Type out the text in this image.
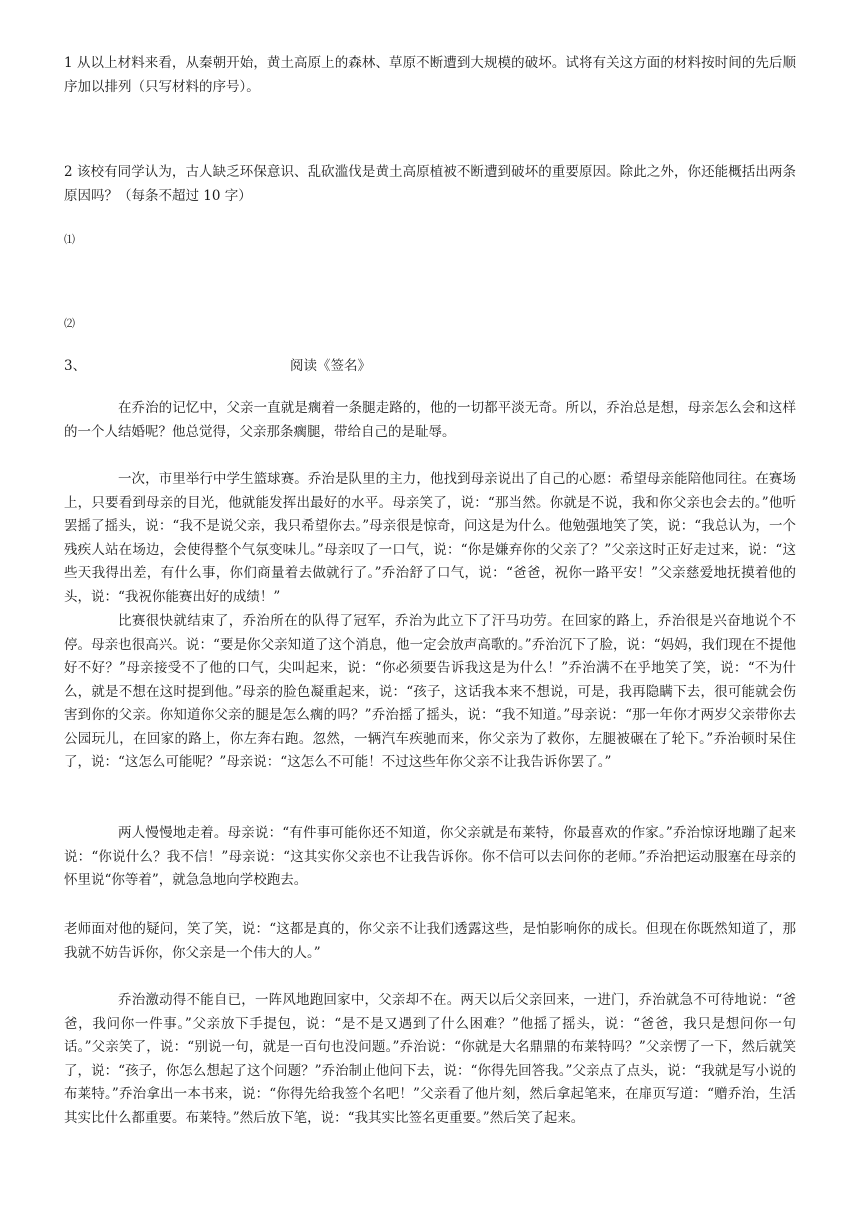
1 从以上材料来看，从秦朝开始，黄土高原上的森林、草原不断遭到大规模的破坏。试将有关这方面的材料按时间的先后顺序加以排列（只写材料的序号）。

2 该校有同学认为，古人缺乏环保意识、乱砍滥伐是黄土高原植被不断遭到破坏的重要原因。除此之外，你还能概括出两条原因吗？（每条不超过 10 字）

⑴
⑵
3、	阅读《签名》

在乔治的记忆中，父亲一直就是瘸着一条腿走路的，他的一切都平淡无奇。所以，乔治总是想，母亲怎么会和这样的一个人结婚呢？他总觉得，父亲那条瘸腿，带给自己的是耻辱。

一次，市里举行中学生篮球赛。乔治是队里的主力，他找到母亲说出了自己的心愿：希望母亲能陪他同往。在赛场上，只要看到母亲的目光，他就能发挥出最好的水平。母亲笑了，说：“那当然。你就是不说，我和你父亲也会去的。”他听罢摇了摇头，说：“我不是说父亲，我只希望你去。”母亲很是惊奇，问这是为什么。他勉强地笑了笑，说：“我总认为，一个残疾人站在场边，会使得整个气氛变味儿。”母亲叹了一口气，说：“你是嫌弃你的父亲了？”父亲这时正好走过来，说：“这些天我得出差，有什么事，你们商量着去做就行了。”乔治舒了口气，说：“爸爸，祝你一路平安！”父亲慈爱地抚摸着他的头，说：“我祝你能赛出好的成绩！”

比赛很快就结束了，乔治所在的队得了冠军，乔治为此立下了汗马功劳。在回家的路上，乔治很是兴奋地说个不停。母亲也很高兴。说：“要是你父亲知道了这个消息，他一定会放声高歌的。”乔治沉下了脸，说：“妈妈，我们现在不提他好不好？”母亲接受不了他的口气，尖叫起来，说：“你必须要告诉我这是为什么！”乔治满不在乎地笑了笑，说：“不为什么，就是不想在这时提到他。”母亲的脸色凝重起来，说：“孩子，这话我本来不想说，可是，我再隐瞒下去，很可能就会伤害到你的父亲。你知道你父亲的腿是怎么瘸的吗？”乔治摇了摇头，说：“我不知道。”母亲说：“那一年你才两岁父亲带你去公园玩儿，在回家的路上，你左奔右跑。忽然，一辆汽车疾驰而来，你父亲为了救你，左腿被碾在了轮下。”乔治顿时呆住了，说：“这怎么可能呢？”母亲说：“这怎么不可能！不过这些年你父亲不让我告诉你罢了。”

两人慢慢地走着。母亲说：“有件事可能你还不知道，你父亲就是布莱特，你最喜欢的作家。”乔治惊讶地蹦了起来说：“你说什么？我不信！”母亲说：“这其实你父亲也不让我告诉你。你不信可以去问你的老师。”乔治把运动服塞在母亲的怀里说“你等着”，就急急地向学校跑去。

老师面对他的疑问，笑了笑，说：“这都是真的，你父亲不让我们透露这些，是怕影响你的成长。但现在你既然知道了，那我就不妨告诉你，你父亲是一个伟大的人。”

乔治激动得不能自已，一阵风地跑回家中，父亲却不在。两天以后父亲回来，一进门，乔治就急不可待地说：“爸爸，我问你一件事。”父亲放下手提包，说：“是不是又遇到了什么困难？”他摇了摇头，说：“爸爸，我只是想问你一句话。”父亲笑了，说：“别说一句，就是一百句也没问题。”乔治说：“你就是大名鼎鼎的布莱特吗？”父亲愣了一下，然后就笑了，说：“孩子，你怎么想起了这个问题？”乔治制止他问下去，说：“你得先回答我。”父亲点了点头，说：“我就是写小说的布莱特。”乔治拿出一本书来，说：“你得先给我签个名吧！”父亲看了他片刻，然后拿起笔来，在扉页写道：“赠乔治，生活其实比什么都重要。布莱特。”然后放下笔，说：“我其实比签名更重要。”然后笑了起来。
